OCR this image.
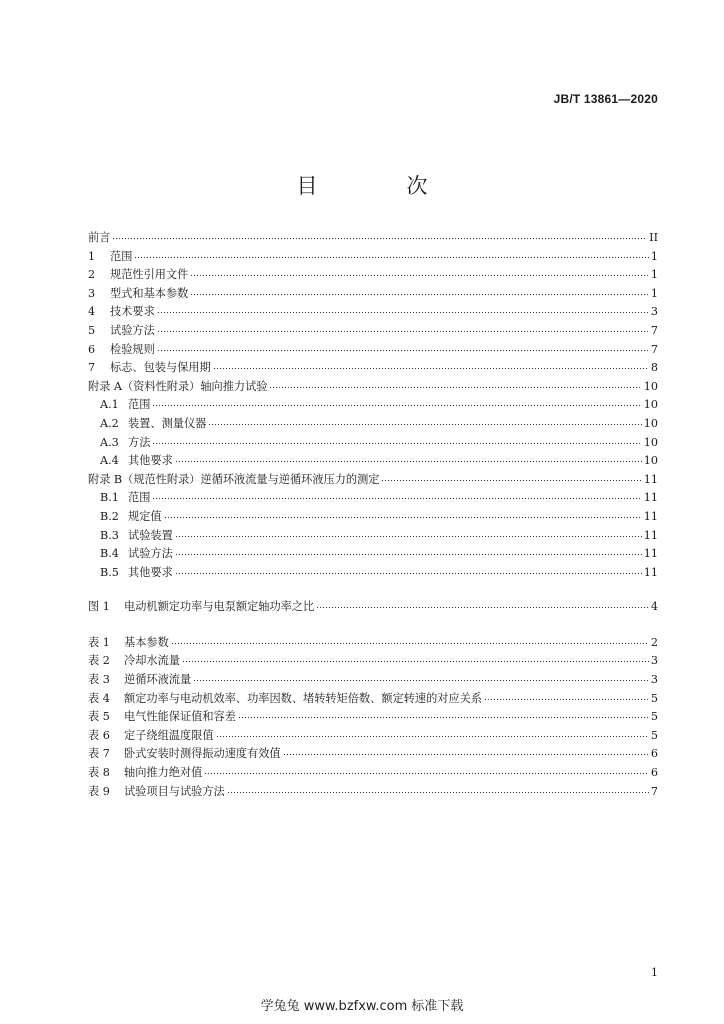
JB/T 13861—2020
目　次
前言	II
1 范围	1
2 规范性引用文件	1
3 型式和基本参数	1
4 技术要求	3
5 试验方法	7
6 检验规则	7
7 标志、包装与保用期	8
附录 A（资料性附录）轴向推力试验	10
A.1 范围	10
A.2 装置、测量仪器	10
A.3 方法	10
A.4 其他要求	10
附录 B（规范性附录）逆循环液流量与逆循环液压力的测定	11
B.1 范围	11
B.2 规定值	11
B.3 试验装置	11
B.4 试验方法	11
B.5 其他要求	11
图 1 电动机额定功率与电泵额定轴功率之比	4
表 1 基本参数	2
表 2 冷却水流量	3
表 3 逆循环液流量	3
表 4 额定功率与电动机效率、功率因数、堵转转矩倍数、额定转速的对应关系	5
表 5 电气性能保证值和容差	5
表 6 定子绕组温度限值	5
表 7 卧式安装时测得振动速度有效值	6
表 8 轴向推力绝对值	6
表 9 试验项目与试验方法	7
1
学兔兔 www.bzfxw.com 标准下载
